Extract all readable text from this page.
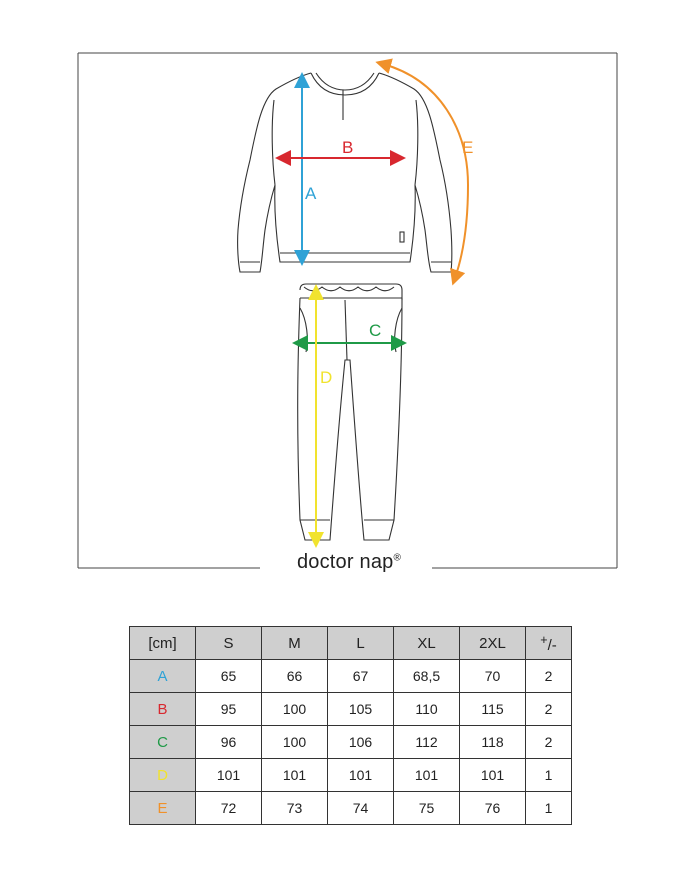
A
B
C
D
E
doctor nap®
[cm]	S	M	L	XL	2XL	+/-
A	65	66	67	68,5	70	2
B	95	100	105	110	115	2
C	96	100	106	112	118	2
D	101	101	101	101	101	1
E	72	73	74	75	76	1
